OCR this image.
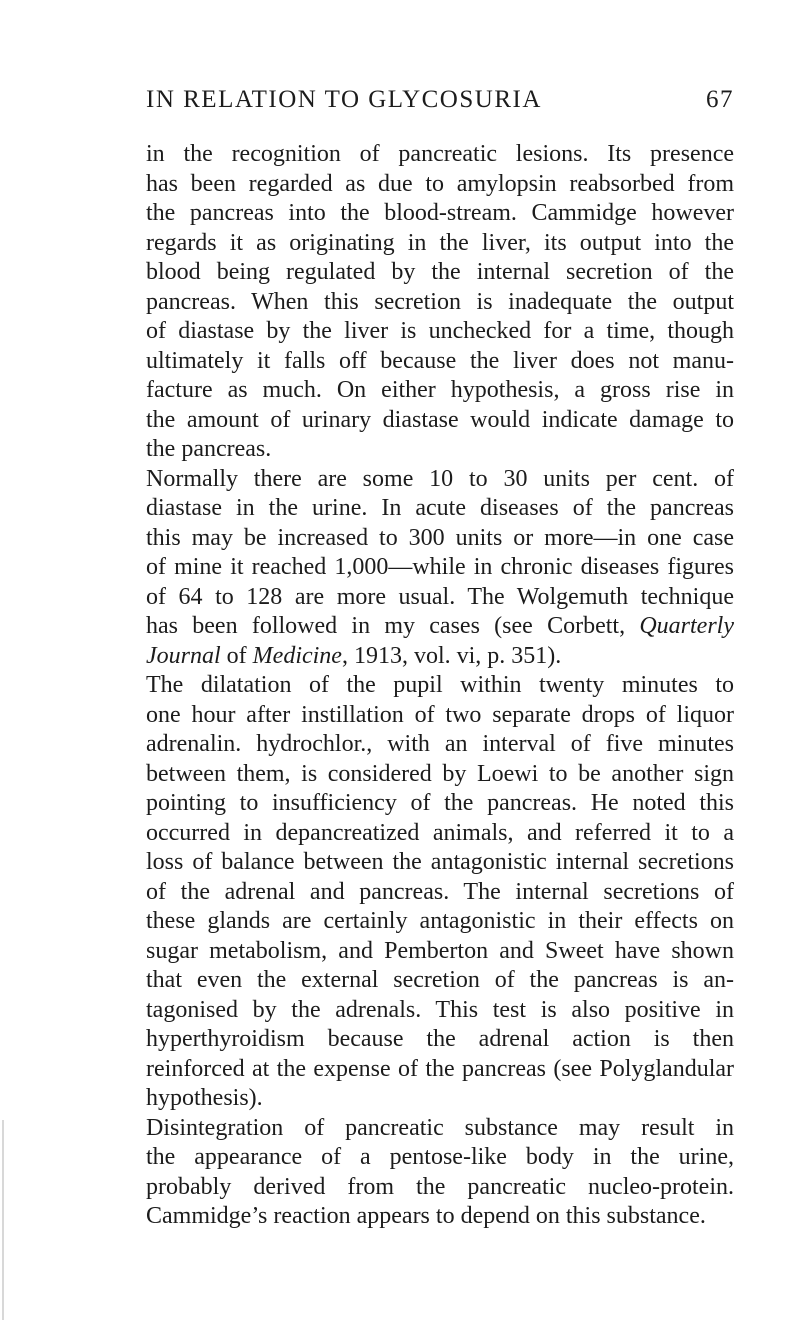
IN RELATION TO GLYCOSURIA	67
in the recognition of pancreatic lesions. Its presence
has been regarded as due to amylopsin reabsorbed from
the pancreas into the blood-stream. Cammidge however
regards it as originating in the liver, its output into the
blood being regulated by the internal secretion of the
pancreas. When this secretion is inadequate the output
of diastase by the liver is unchecked for a time, though
ultimately it falls off because the liver does not manu-
facture as much. On either hypothesis, a gross rise in
the amount of urinary diastase would indicate damage to
the pancreas.
Normally there are some 10 to 30 units per cent. of
diastase in the urine. In acute diseases of the pancreas
this may be increased to 300 units or more—in one case
of mine it reached 1,000—while in chronic diseases figures
of 64 to 128 are more usual. The Wolgemuth technique
has been followed in my cases (see Corbett, Quarterly
Journal of Medicine, 1913, vol. vi, p. 351).
The dilatation of the pupil within twenty minutes to
one hour after instillation of two separate drops of liquor
adrenalin. hydrochlor., with an interval of five minutes
between them, is considered by Loewi to be another sign
pointing to insufficiency of the pancreas. He noted this
occurred in depancreatized animals, and referred it to a
loss of balance between the antagonistic internal secretions
of the adrenal and pancreas. The internal secretions of
these glands are certainly antagonistic in their effects on
sugar metabolism, and Pemberton and Sweet have shown
that even the external secretion of the pancreas is an-
tagonised by the adrenals. This test is also positive in
hyperthyroidism because the adrenal action is then
reinforced at the expense of the pancreas (see Polyglandular
hypothesis).
Disintegration of pancreatic substance may result in
the appearance of a pentose-like body in the urine,
probably derived from the pancreatic nucleo-protein.
Cammidge’s reaction appears to depend on this substance.
